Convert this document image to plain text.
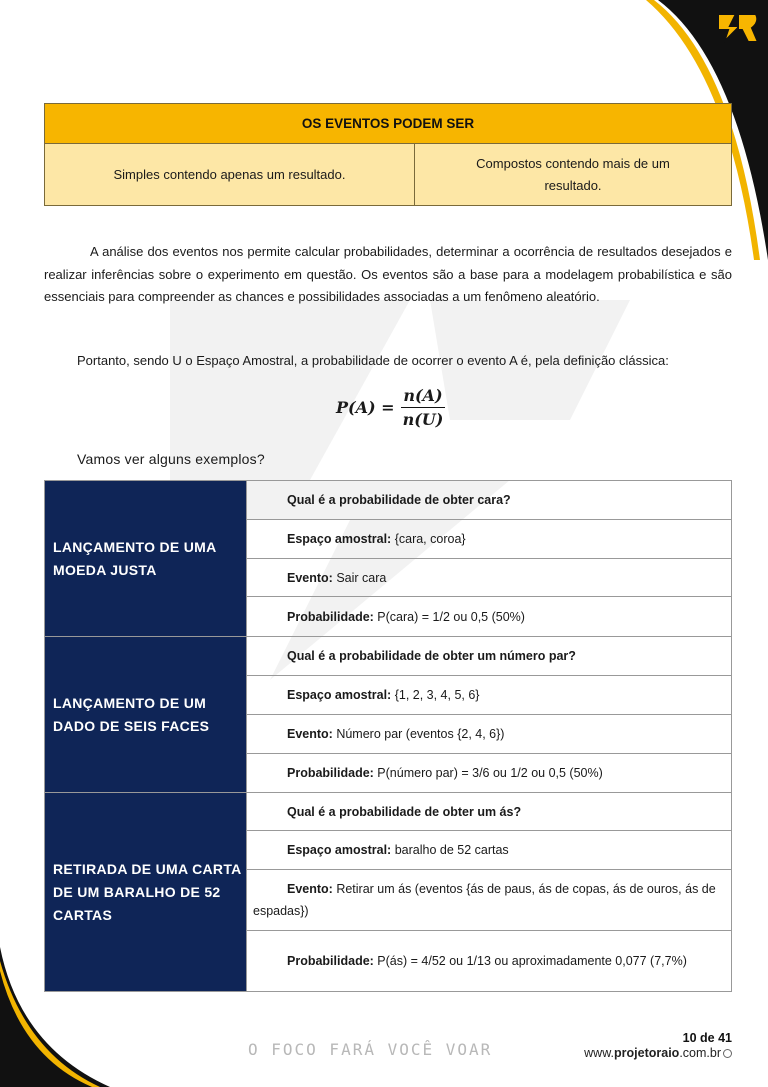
OS EVENTOS PODEM SER
Simples contendo apenas um resultado.
Compostos contendo mais de um resultado.

A análise dos eventos nos permite calcular probabilidades, determinar a ocorrência de resultados desejados e realizar inferências sobre o experimento em questão. Os eventos são a base para a modelagem probabilística e são essenciais para compreender as chances e possibilidades associadas a um fenômeno aleatório.

Portanto, sendo U o Espaço Amostral, a probabilidade de ocorrer o evento A é, pela definição clássica:

$P(A) = \frac{n(A)}{n(U)}$
Vamos ver alguns exemplos?
LANÇAMENTO DE UMA MOEDA JUSTA
Qual é a probabilidade de obter cara?
Espaço amostral: {cara, coroa}
Evento: Sair cara
Probabilidade: P(cara) = 1/2 ou 0,5 (50%)
LANÇAMENTO DE UM DADO DE SEIS FACES
Qual é a probabilidade de obter um número par?
Espaço amostral: {1, 2, 3, 4, 5, 6}
Evento: Número par (eventos {2, 4, 6})
Probabilidade: P(número par) = 3/6 ou 1/2 ou 0,5 (50%)
RETIRADA DE UMA CARTA DE UM BARALHO DE 52 CARTAS
Qual é a probabilidade de obter um ás?
Espaço amostral: baralho de 52 cartas
Evento: Retirar um ás (eventos {ás de paus, ás de copas, ás de ouros, ás de espadas})
Probabilidade: P(ás) = 4/52 ou 1/13 ou aproximadamente 0,077 (7,7%)
O FOCO FARÁ VOCÊ VOAR
10 de 41
www.projetoraio.com.br
